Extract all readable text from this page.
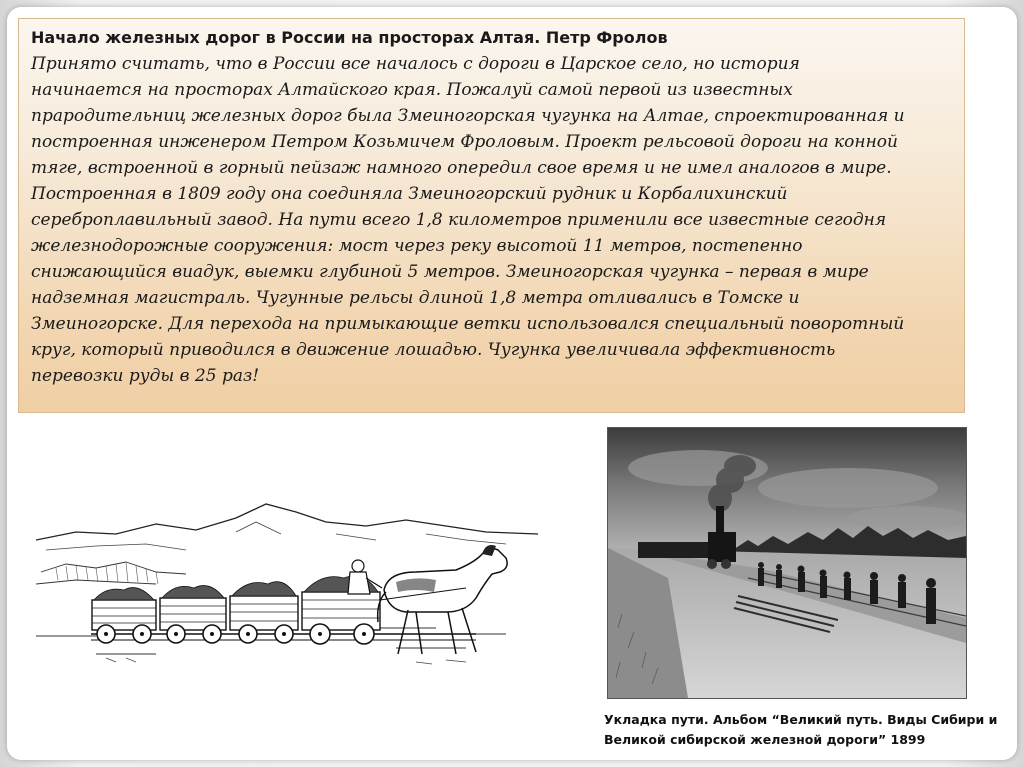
Начало железных дорог в России на просторах Алтая. Петр Фролов

Принято считать, что в России все началось с дороги в Царское село, но история
начинается на просторах Алтайского края. Пожалуй самой первой из известных
прародительниц железных дорог была Змеиногорская чугунка на Алтае, спроектированная и
построенная инженером Петром Козьмичем Фроловым. Проект рельсовой дороги на конной
тяге, встроенной в горный пейзаж намного опередил свое время и не имел аналогов в мире.
Построенная в 1809 году она соединяла Змеиногорский рудник и Корбалихинский
сереброплавильный завод. На пути всего 1,8 километров применили все известные сегодня
железнодорожные сооружения: мост через реку высотой 11 метров, постепенно
снижающийся виадук, выемки глубиной 5 метров. Змеиногорская чугунка – первая в мире
надземная магистраль. Чугунные рельсы длиной 1,8 метра отливались в Томске и
Змеиногорске. Для перехода на примыкающие ветки использовался специальный поворотный
круг, который приводился в движение лошадью. Чугунка увеличивала эффективность
перевозки руды в 25 раз!

Укладка пути. Альбом “Великий путь. Виды Сибири и
Великой сибирской железной дороги” 1899
